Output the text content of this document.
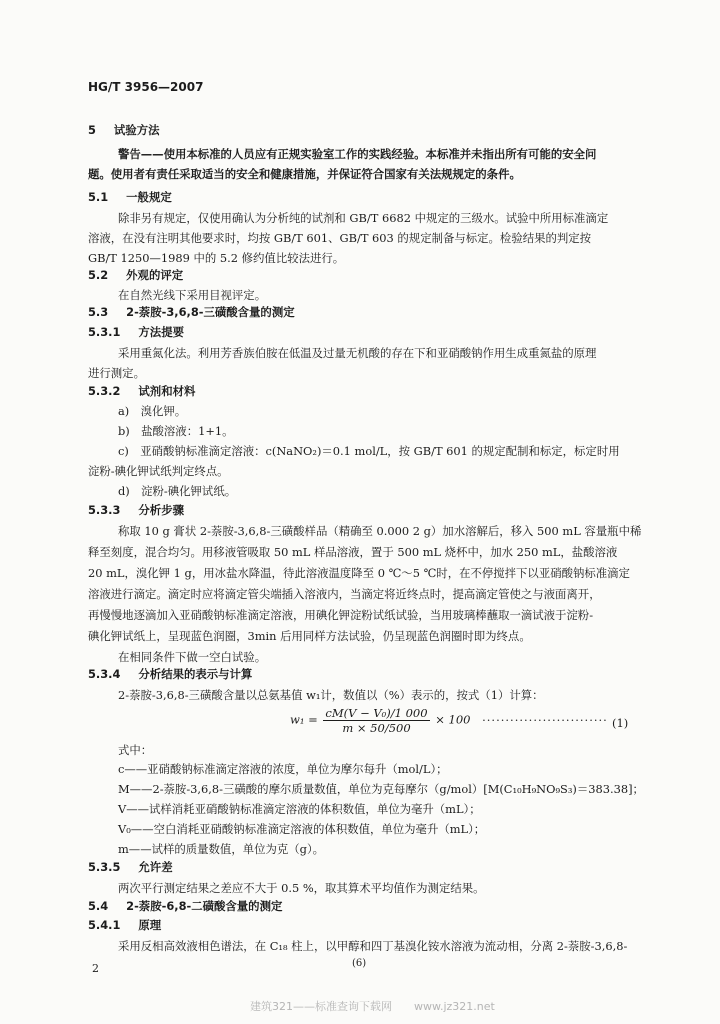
HG/T 3956—2007
5 试验方法
警告——使用本标准的人员应有正规实验室工作的实践经验。本标准并未指出所有可能的安全问
题。使用者有责任采取适当的安全和健康措施，并保证符合国家有关法规规定的条件。
5.1 一般规定
除非另有规定，仅使用确认为分析纯的试剂和 GB/T 6682 中规定的三级水。试验中所用标准滴定
溶液，在没有注明其他要求时，均按 GB/T 601、GB/T 603 的规定制备与标定。检验结果的判定按
GB/T 1250—1989 中的 5.2 修约值比较法进行。
5.2 外观的评定
在自然光线下采用目视评定。
5.3 2-萘胺-3,6,8-三磺酸含量的测定
5.3.1 方法提要
采用重氮化法。利用芳香族伯胺在低温及过量无机酸的存在下和亚硝酸钠作用生成重氮盐的原理
进行测定。
5.3.2 试剂和材料
a)　溴化钾。
b)　盐酸溶液：1+1。
c)　亚硝酸钠标准滴定溶液：c(NaNO₂)＝0.1 mol/L，按 GB/T 601 的规定配制和标定，标定时用
淀粉-碘化钾试纸判定终点。
d)　淀粉-碘化钾试纸。
5.3.3 分析步骤
称取 10 g 膏状 2-萘胺-3,6,8-三磺酸样品（精确至 0.000 2 g）加水溶解后，移入 500 mL 容量瓶中稀
释至刻度，混合均匀。用移液管吸取 50 mL 样品溶液，置于 500 mL 烧杯中，加水 250 mL，盐酸溶液
20 mL，溴化钾 1 g，用冰盐水降温，待此溶液温度降至 0 ℃～5 ℃时，在不停搅拌下以亚硝酸钠标准滴定
溶液进行滴定。滴定时应将滴定管尖端插入溶液内，当滴定将近终点时，提高滴定管使之与液面离开，
再慢慢地逐滴加入亚硝酸钠标准滴定溶液，用碘化钾淀粉试纸试验，当用玻璃棒蘸取一滴试液于淀粉-
碘化钾试纸上，呈现蓝色润圈，3min 后用同样方法试验，仍呈现蓝色润圈时即为终点。
在相同条件下做一空白试验。
5.3.4 分析结果的表示与计算
2-萘胺-3,6,8-三磺酸含量以总氨基值 w₁计，数值以（%）表示的，按式（1）计算：
$w_1 = \frac{\text{cM(V − V₀)/1 000}}{m \times 50/500} \times 100$ ··························· (1)
式中：
c——亚硝酸钠标准滴定溶液的浓度，单位为摩尔每升（mol/L）；
M——2-萘胺-3,6,8-三磺酸的摩尔质量数值，单位为克每摩尔（g/mol）[M(C₁₀H₉NO₉S₃)＝383.38]；
V——试样消耗亚硝酸钠标准滴定溶液的体积数值，单位为毫升（mL）；
V₀——空白消耗亚硝酸钠标准滴定溶液的体积数值，单位为毫升（mL）；
m——试样的质量数值，单位为克（g）。
5.3.5 允许差
两次平行测定结果之差应不大于 0.5 %，取其算术平均值作为测定结果。
5.4 2-萘胺-6,8-二磺酸含量的测定
5.4.1 原理
采用反相高效液相色谱法，在 C₁₈ 柱上，以甲醇和四丁基溴化铵水溶液为流动相，分离 2-萘胺-3,6,8-
2	(6)
建筑321——标准查询下载网　　www.jz321.net
